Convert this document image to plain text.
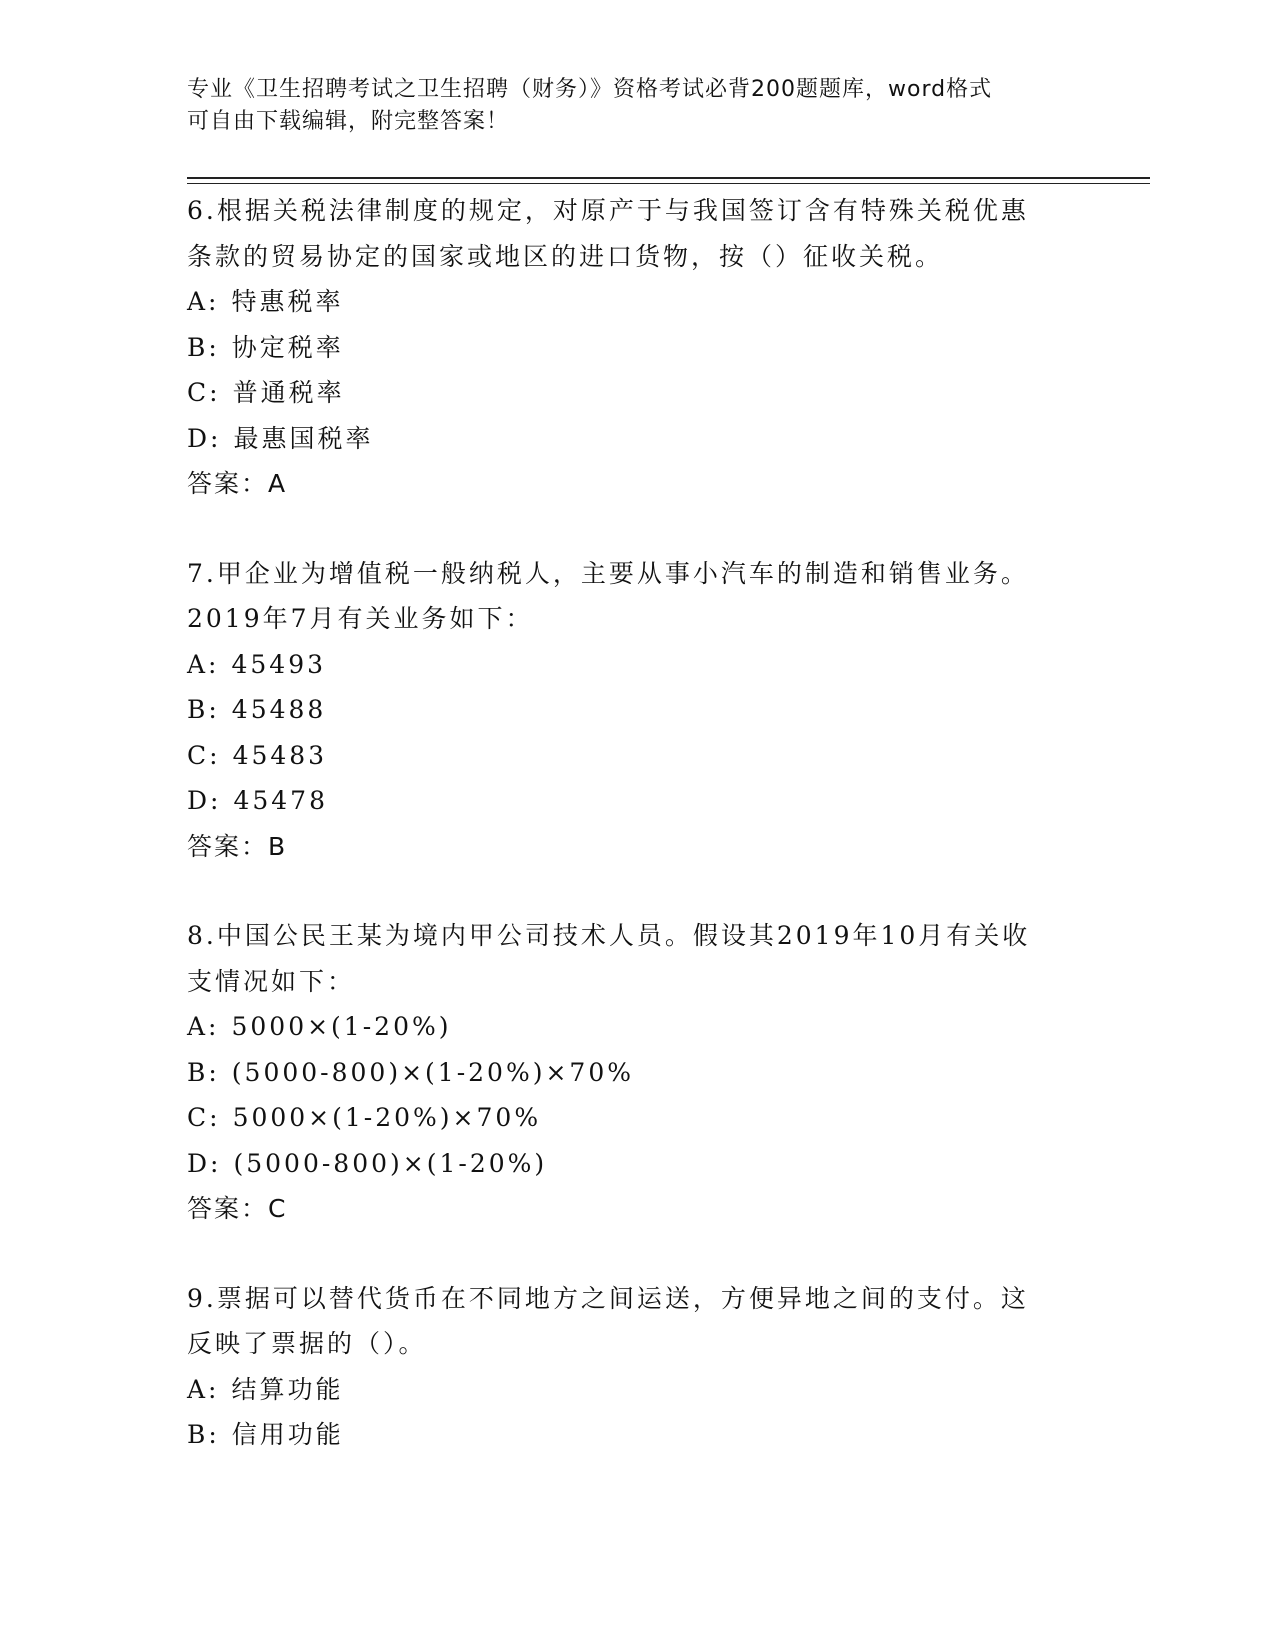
专业《卫生招聘考试之卫生招聘（财务）》资格考试必背200题题库，word格式
可自由下载编辑，附完整答案！
6.根据关税法律制度的规定，对原产于与我国签订含有特殊关税优惠
条款的贸易协定的国家或地区的进口货物，按（）征收关税。
A: 特惠税率
B: 协定税率
C: 普通税率
D: 最惠国税率
答案：A
7.甲企业为增值税一般纳税人，主要从事小汽车的制造和销售业务。
2019年7月有关业务如下：
A: 45493
B: 45488
C: 45483
D: 45478
答案：B
8.中国公民王某为境内甲公司技术人员。假设其2019年10月有关收
支情况如下：
A: 5000×(1-20%)
B: (5000-800)×(1-20%)×70%
C: 5000×(1-20%)×70%
D: (5000-800)×(1-20%)
答案：C
9.票据可以替代货币在不同地方之间运送，方便异地之间的支付。这
反映了票据的（）。
A: 结算功能
B: 信用功能
